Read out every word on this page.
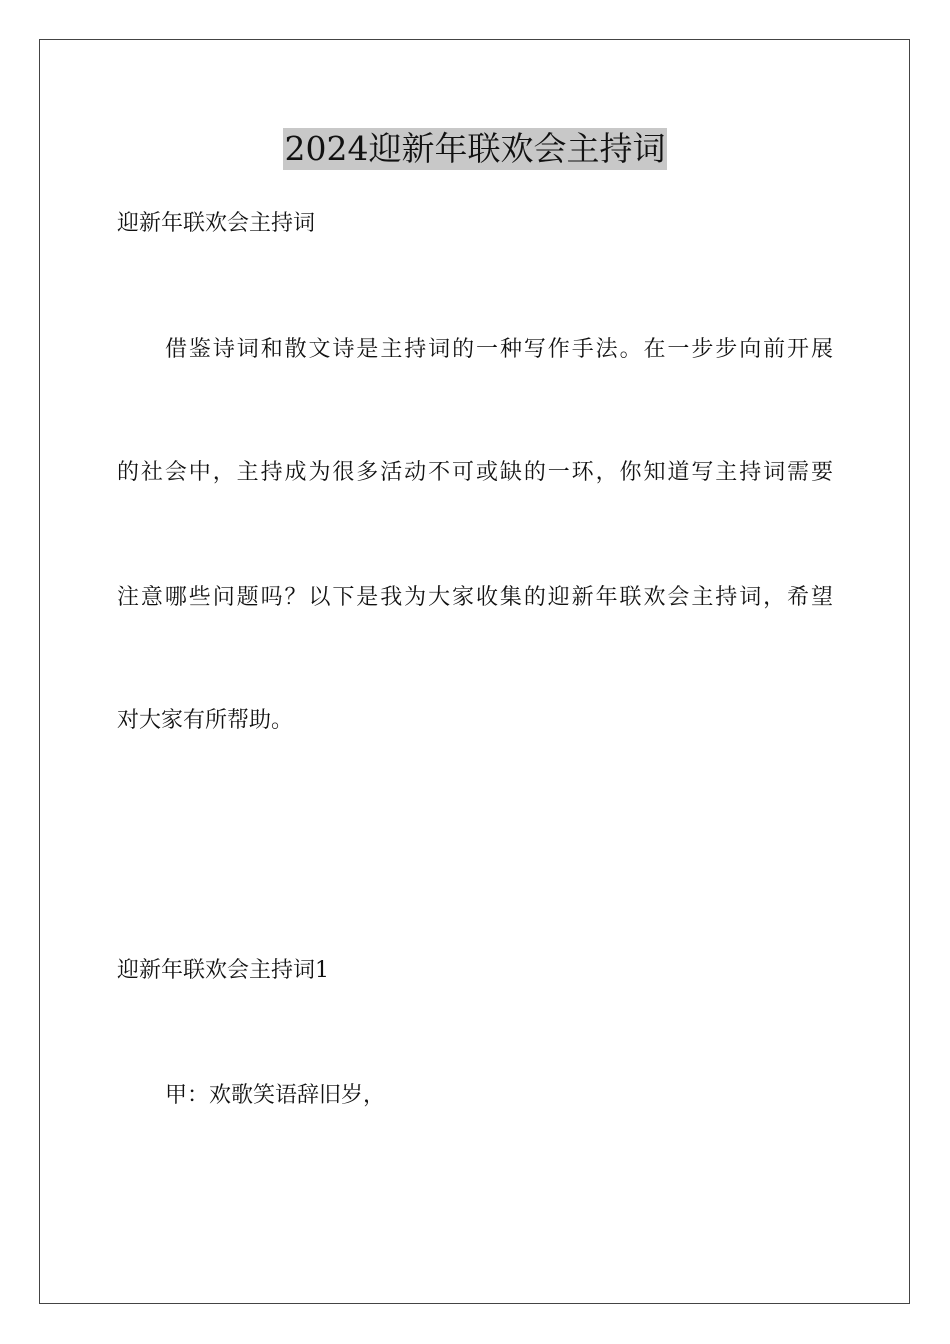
2024迎新年联欢会主持词
迎新年联欢会主持词
借鉴诗词和散文诗是主持词的一种写作手法。在一步步向前开展
的社会中，主持成为很多活动不可或缺的一环，你知道写主持词需要
注意哪些问题吗？以下是我为大家收集的迎新年联欢会主持词，希望
对大家有所帮助。
迎新年联欢会主持词1
甲：欢歌笑语辞旧岁，
